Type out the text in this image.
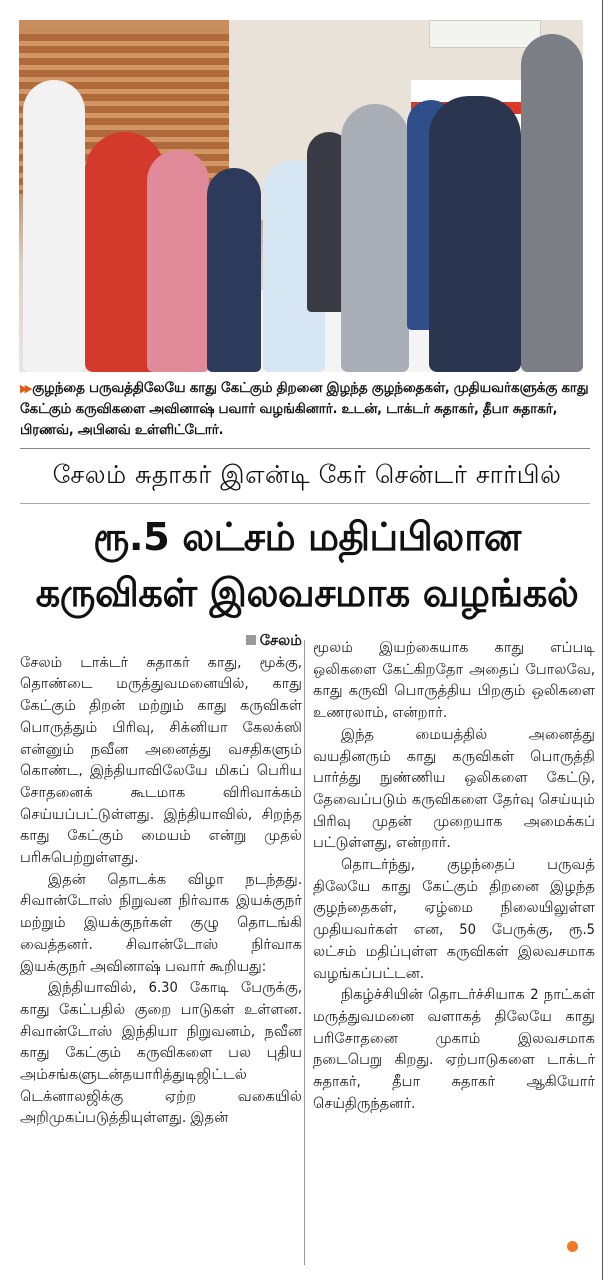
▶▶ குழந்தை பருவத்திலேயே காது கேட்கும் திறனை இழந்த குழந்தைகள், முதியவர்களுக்கு காது கேட்கும் கருவிகளை அவினாஷ் பவார் வழங்கினார். உடன், டாக்டர் சுதாகர், தீபா சுதாகர், பிரணவ், அபினவ் உள்ளிட்டோர்.
சேலம் சுதாகர் இஎன்டி கேர் சென்டர் சார்பில்
ரூ.5 லட்சம் மதிப்பிலான
கருவிகள் இலவசமாக வழங்கல்

சேலம்

சேலம் டாக்டர் சுதாகர் காது, மூக்கு, தொண்டை மருத்துவமனையில், காது கேட்கும் திறன் மற்றும் காது கருவிகள் பொருத்தும் பிரிவு, சிக்னியா கேலக்ஸி என்னும் நவீன அனைத்து வசதிகளும் கொண்ட, இந்தியாவிலேயே மிகப் பெரிய சோதனைக் கூடமாக விரிவாக்கம் செய்யப்பட்டுள்ளது. இந்தியாவில், சிறந்த காது கேட்கும் மையம் என்று முதல் பரிசுபெற்றுள்ளது.

இதன் தொடக்க விழா நடந்தது. சிவான்டோஸ் நிறுவன நிர்வாக இயக்குநர் மற்றும் இயக்குநர்கள் குழு தொடங்கி வைத்தனர். சிவான்டோஸ் நிர்வாக இயக்குநர் அவினாஷ் பவார் கூறியது:

இந்தியாவில், 6.30 கோடி பேருக்கு, காது கேட்பதில் குறை பாடுகள் உள்ளன. சிவான்டோஸ் இந்தியா நிறுவனம், நவீன காது கேட்கும் கருவிகளை பல புதிய அம்சங்களுடன்தயாரித்துடிஜிட்டல் டெக்னாலஜிக்கு ஏற்ற வகையில் அறிமுகப்படுத்தியுள்ளது. இதன்

மூலம் இயற்கையாக காது எப்படி ஒலிகளை கேட்கிறதோ அதைப் போலவே, காது கருவி பொருத்திய பிறகும் ஒலிகளை உணரலாம், என்றார்.

இந்த மையத்தில் அனைத்து வயதினரும் காது கருவிகள் பொருத்தி பார்த்து நுண்ணிய ஒலிகளை கேட்டு, தேவைப்படும் கருவிகளை தேர்வு செய்யும் பிரிவு முதன் முறையாக அமைக்கப் பட்டுள்ளது, என்றார்.

தொடர்ந்து, குழந்தைப் பருவத் திலேயே காது கேட்கும் திறனை இழந்த குழந்தைகள், ஏழ்மை நிலையிலுள்ள முதியவர்கள் என, 50 பேருக்கு, ரூ.5 லட்சம் மதிப்புள்ள கருவிகள் இலவசமாக வழங்கப்பட்டன.

நிகழ்ச்சியின் தொடர்ச்சியாக 2 நாட்கள் மருத்துவமனை வளாகத் திலேயே காது பரிசோதனை முகாம் இலவசமாக நடைபெறு கிறது. ஏற்பாடுகளை டாக்டர் சுதாகர், தீபா சுதாகர் ஆகியோர் செய்திருந்தனர்.
